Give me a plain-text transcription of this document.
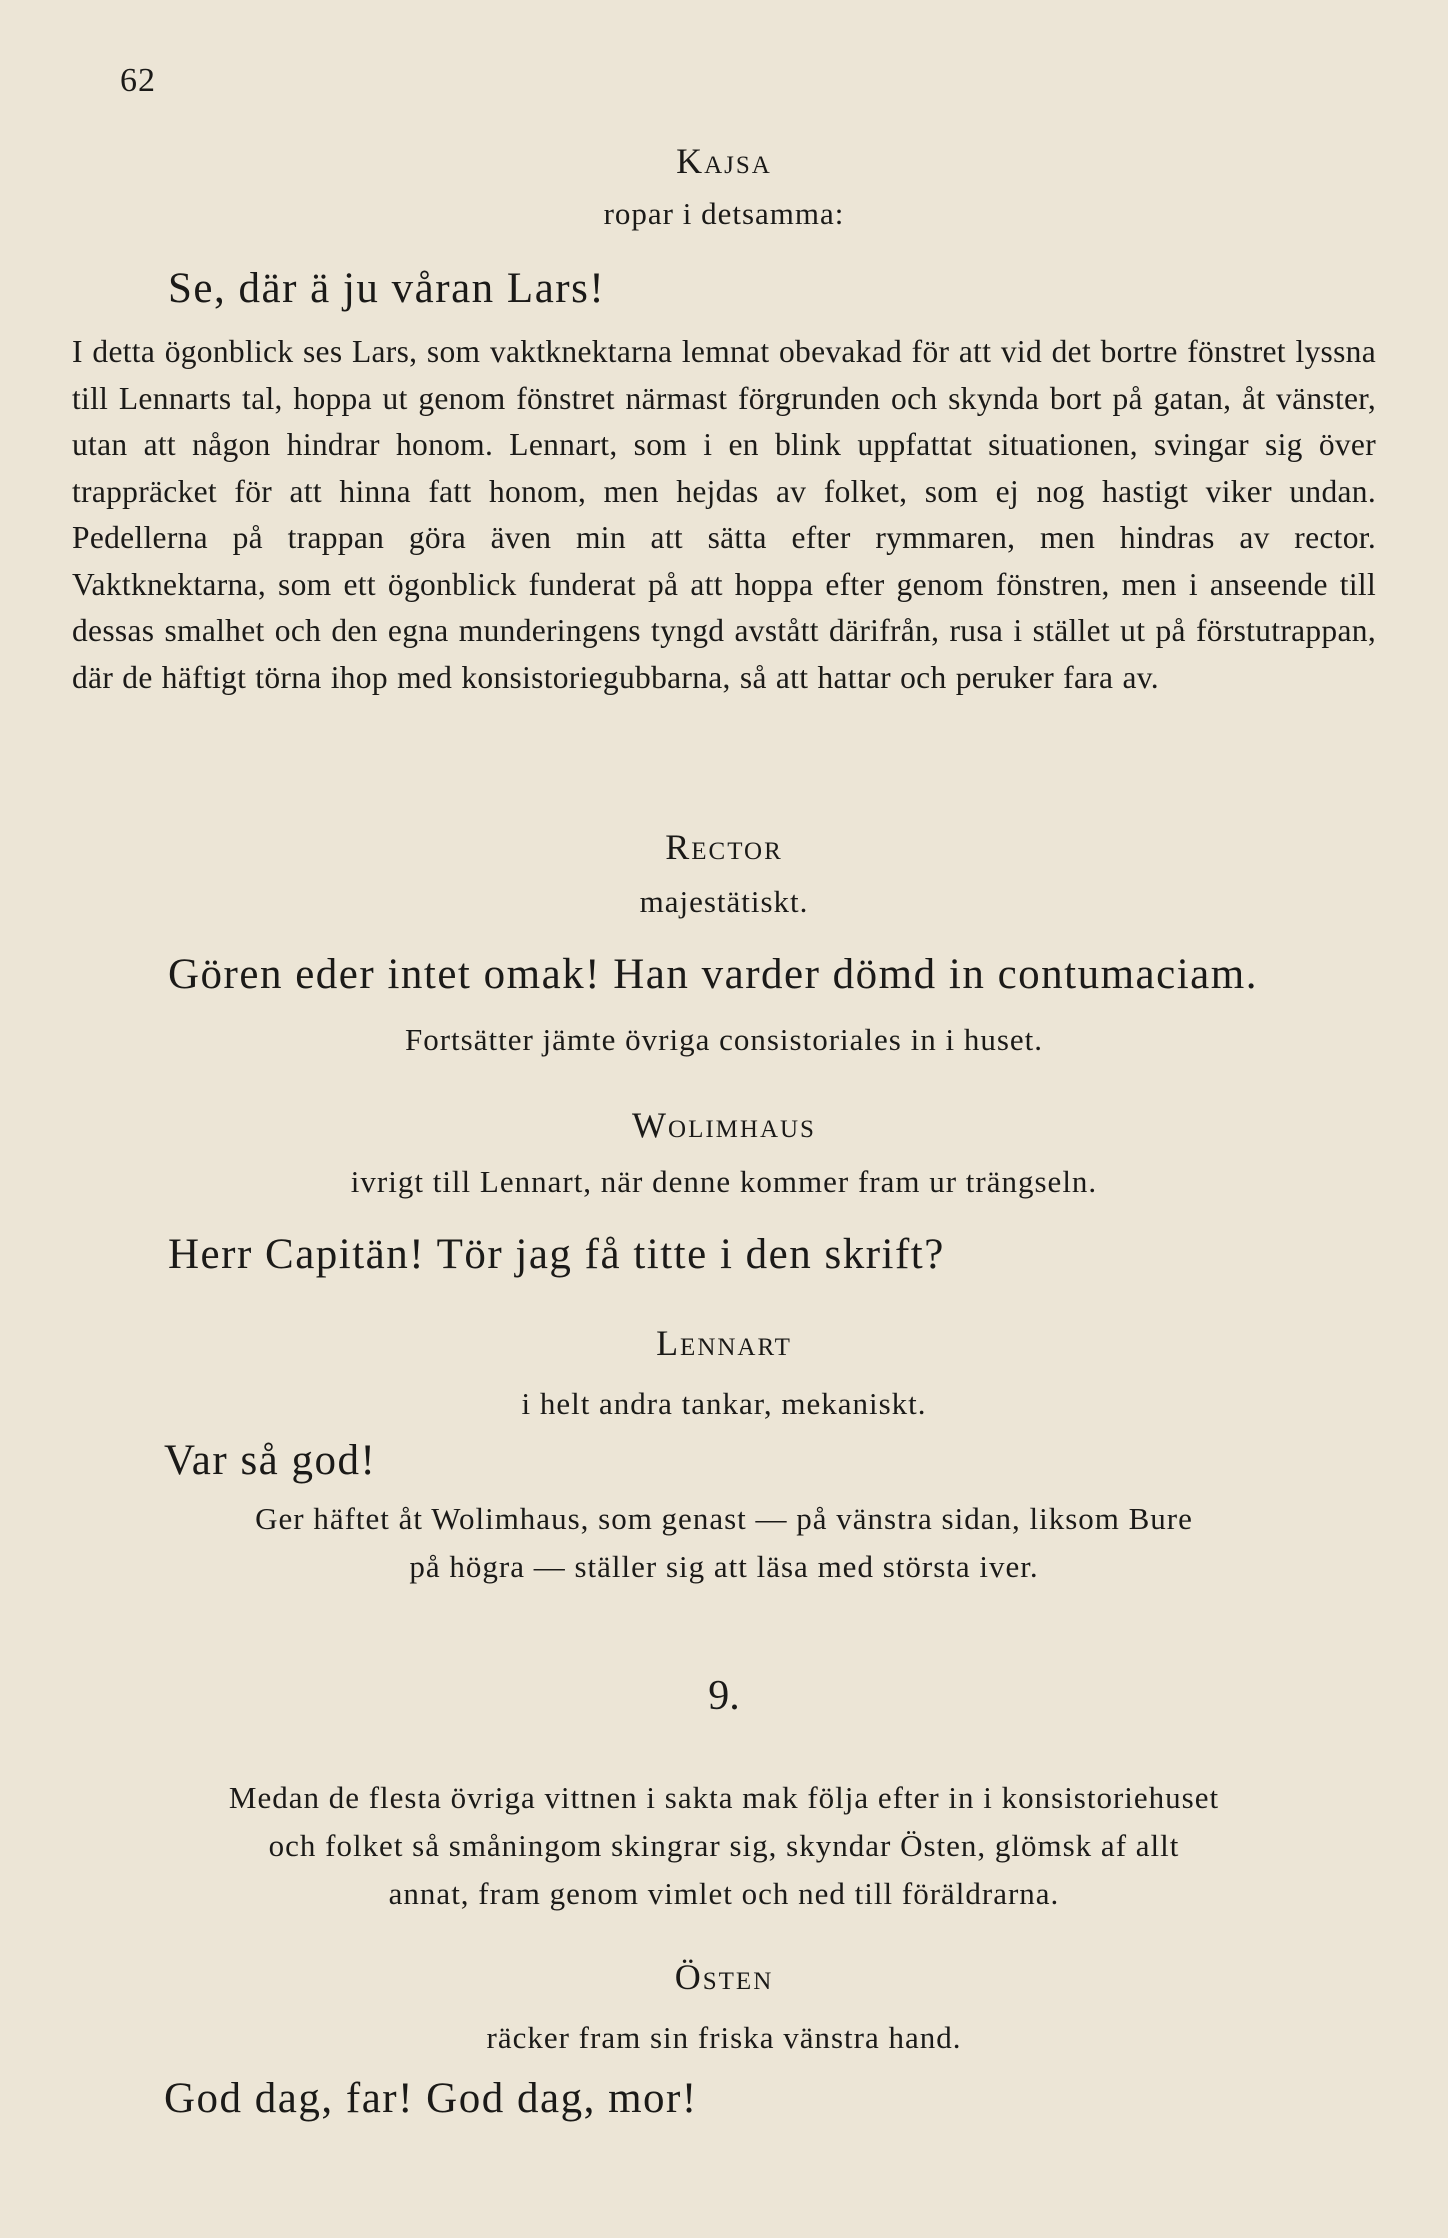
62
Kajsa
ropar i detsamma:
Se, där ä ju våran Lars!

I detta ögonblick ses Lars, som vaktknektarna lemnat obevakad för att vid det bortre fönstret lyssna till Lennarts tal, hoppa ut genom fönstret närmast förgrunden och skynda bort på gatan, åt vänster, utan att någon hindrar honom. Lennart, som i en blink uppfattat situationen, svingar sig över trappräcket för att hinna fatt honom, men hejdas av folket, som ej nog hastigt viker undan. Pedellerna på trappan göra även min att sätta efter rymmaren, men hindras av rector. Vaktknektarna, som ett ögonblick funderat på att hoppa efter genom fönstren, men i anseende till dessas smalhet och den egna munderingens tyngd avstått därifrån, rusa i stället ut på förstutrappan, där de häftigt törna ihop med konsistoriegubbarna, så att hattar och peruker fara av.

Rector
majestätiskt.
Gören eder intet omak! Han varder dömd in contumaciam.
Fortsätter jämte övriga consistoriales in i huset.
Wolimhaus
ivrigt till Lennart, när denne kommer fram ur trängseln.
Herr Capitän! Tör jag få titte i den skrift?
Lennart
i helt andra tankar, mekaniskt.
Var så god!
Ger häftet åt Wolimhaus, som genast — på vänstra sidan, liksom Bure
på högra — ställer sig att läsa med största iver.
9.
Medan de flesta övriga vittnen i sakta mak följa efter in i konsistoriehuset
och folket så småningom skingrar sig, skyndar Östen, glömsk af allt
annat, fram genom vimlet och ned till föräldrarna.
Östen
räcker fram sin friska vänstra hand.
God dag, far! God dag, mor!
